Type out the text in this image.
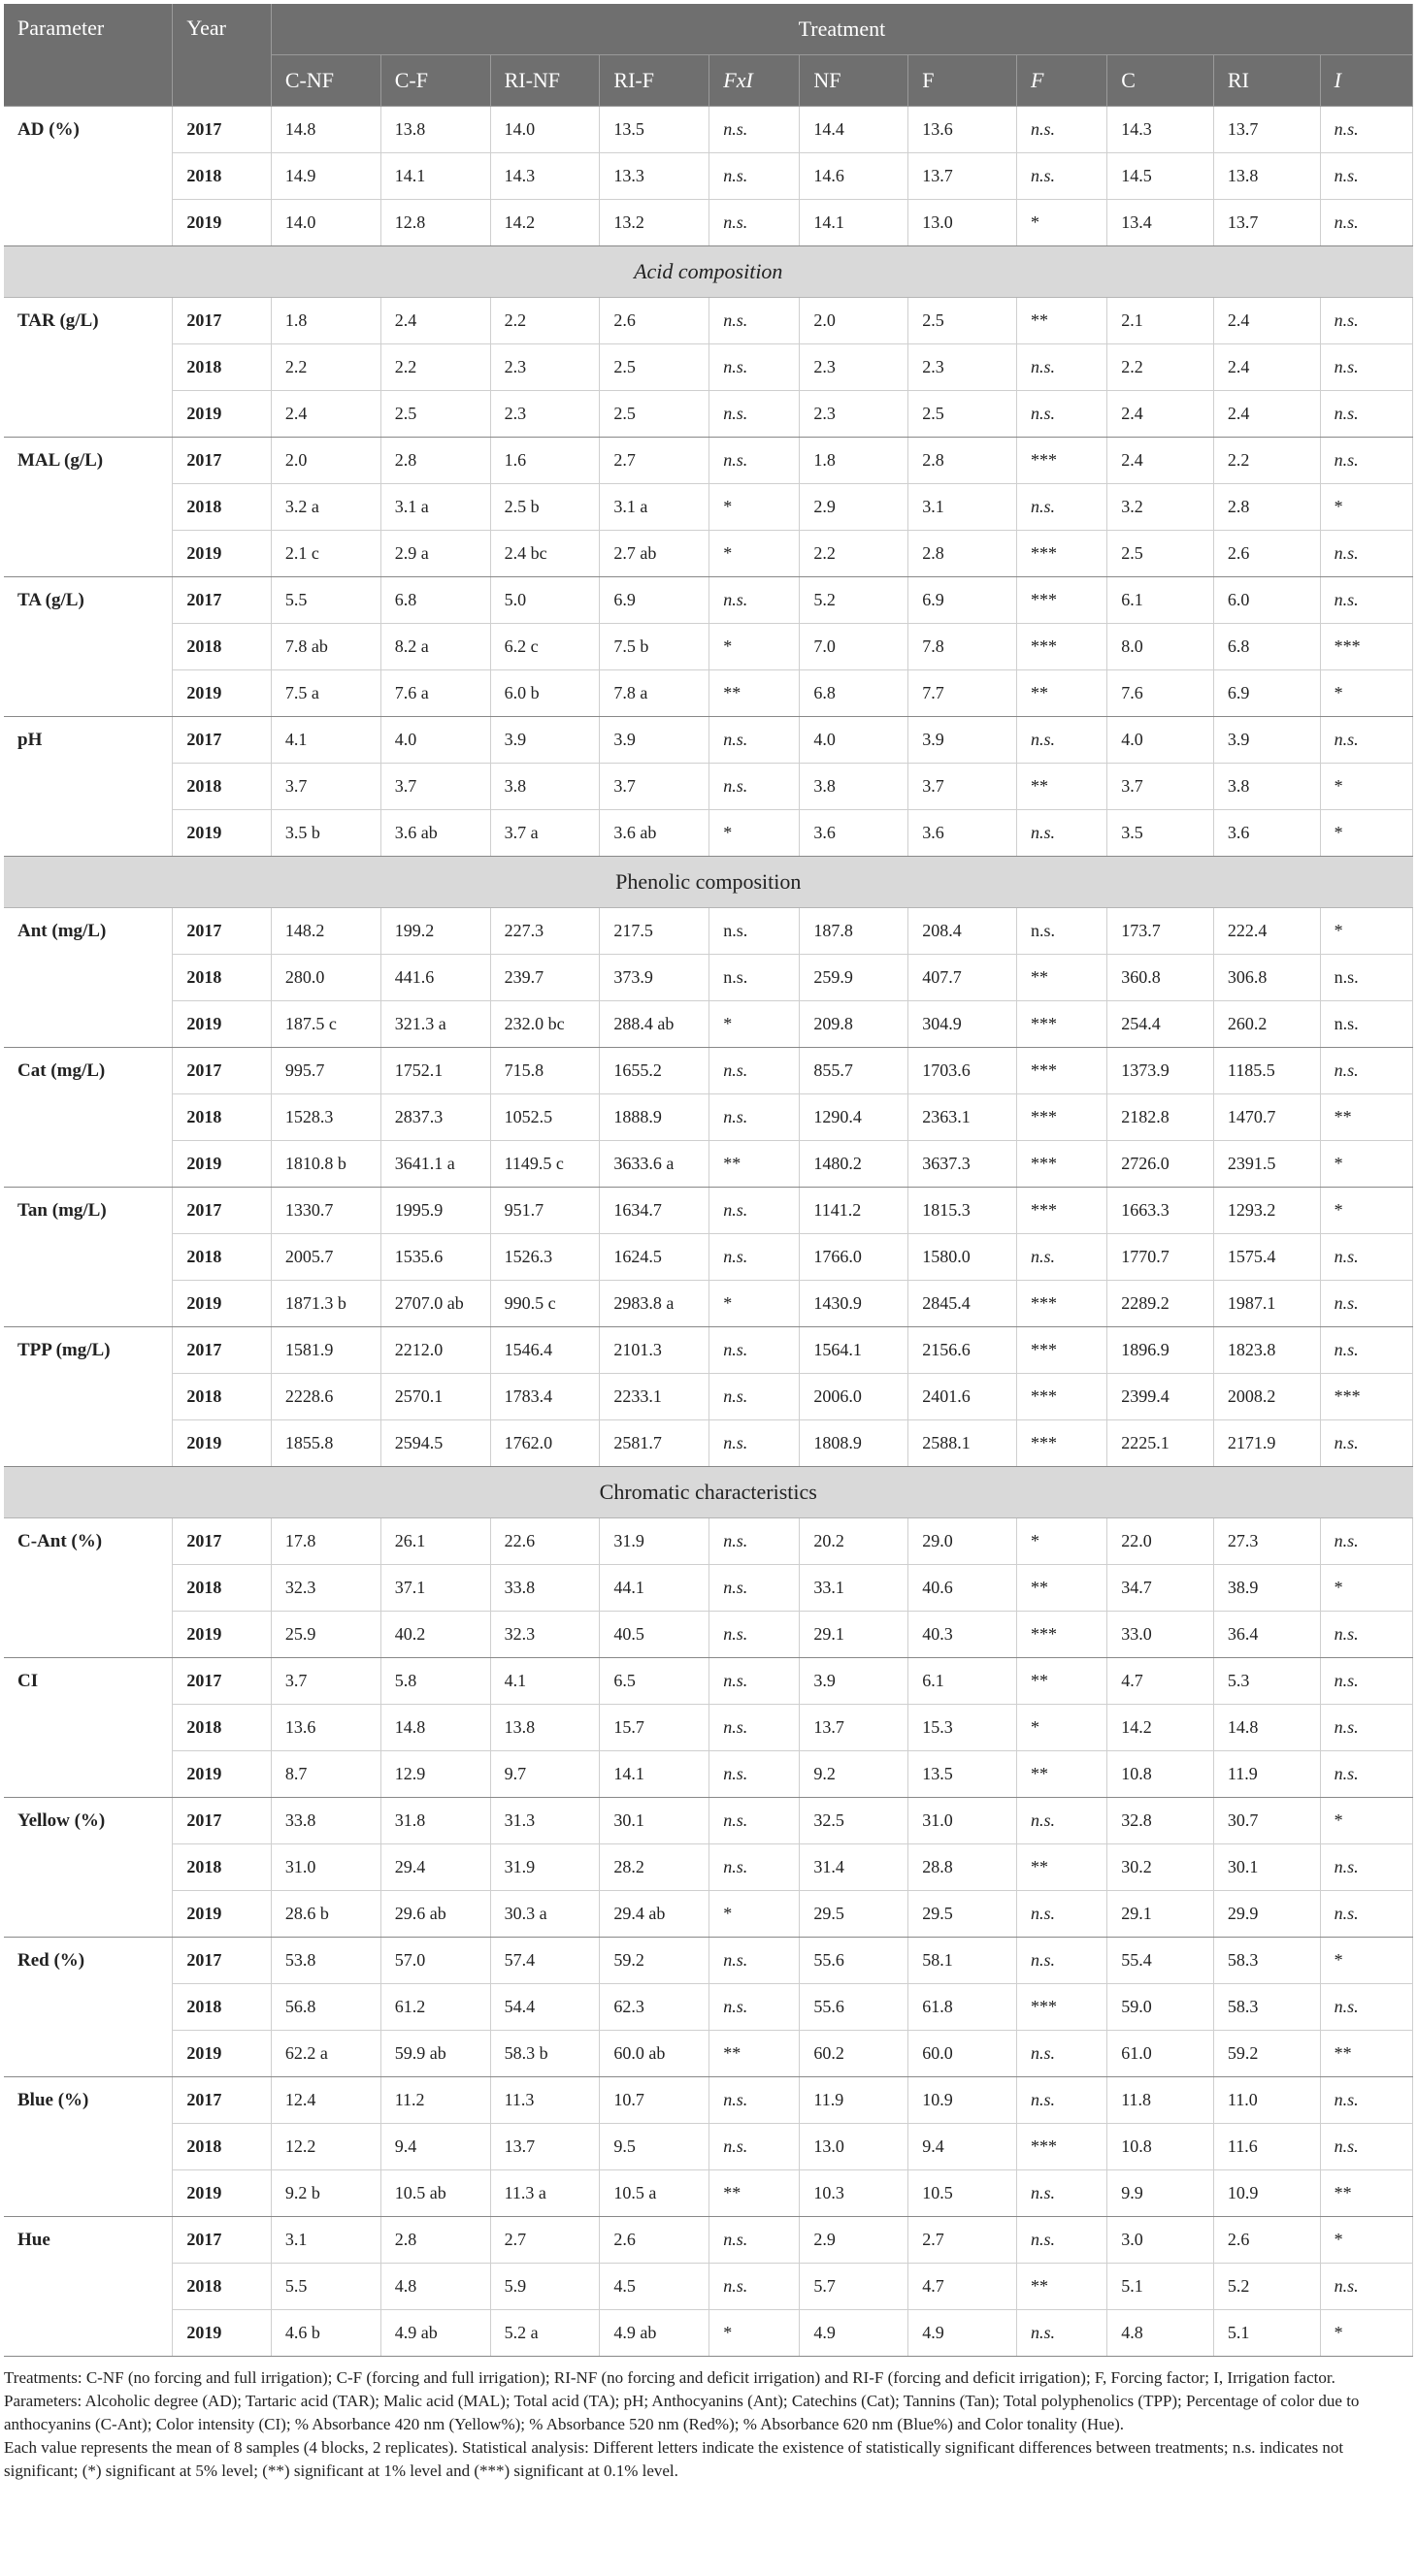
Parameter	Year	Treatment										
		C-NF	C-F	RI-NF	RI-F	FxI	NF	F	F	C	RI	I
AD (%)	2017	14.8	13.8	14.0	13.5	n.s.	14.4	13.6	n.s.	14.3	13.7	n.s.
	2018	14.9	14.1	14.3	13.3	n.s.	14.6	13.7	n.s.	14.5	13.8	n.s.
	2019	14.0	12.8	14.2	13.2	n.s.	14.1	13.0	*	13.4	13.7	n.s.
Acid composition												
TAR (g/L)	2017	1.8	2.4	2.2	2.6	n.s.	2.0	2.5	**	2.1	2.4	n.s.
	2018	2.2	2.2	2.3	2.5	n.s.	2.3	2.3	n.s.	2.2	2.4	n.s.
	2019	2.4	2.5	2.3	2.5	n.s.	2.3	2.5	n.s.	2.4	2.4	n.s.
MAL (g/L)	2017	2.0	2.8	1.6	2.7	n.s.	1.8	2.8	***	2.4	2.2	n.s.
	2018	3.2 a	3.1 a	2.5 b	3.1 a	*	2.9	3.1	n.s.	3.2	2.8	*
	2019	2.1 c	2.9 a	2.4 bc	2.7 ab	*	2.2	2.8	***	2.5	2.6	n.s.
TA (g/L)	2017	5.5	6.8	5.0	6.9	n.s.	5.2	6.9	***	6.1	6.0	n.s.
	2018	7.8 ab	8.2 a	6.2 c	7.5 b	*	7.0	7.8	***	8.0	6.8	***
	2019	7.5 a	7.6 a	6.0 b	7.8 a	**	6.8	7.7	**	7.6	6.9	*
pH	2017	4.1	4.0	3.9	3.9	n.s.	4.0	3.9	n.s.	4.0	3.9	n.s.
	2018	3.7	3.7	3.8	3.7	n.s.	3.8	3.7	**	3.7	3.8	*
	2019	3.5 b	3.6 ab	3.7 a	3.6 ab	*	3.6	3.6	n.s.	3.5	3.6	*
Phenolic composition												
Ant (mg/L)	2017	148.2	199.2	227.3	217.5	n.s.	187.8	208.4	n.s.	173.7	222.4	*
	2018	280.0	441.6	239.7	373.9	n.s.	259.9	407.7	**	360.8	306.8	n.s.
	2019	187.5 c	321.3 a	232.0 bc	288.4 ab	*	209.8	304.9	***	254.4	260.2	n.s.
Cat (mg/L)	2017	995.7	1752.1	715.8	1655.2	n.s.	855.7	1703.6	***	1373.9	1185.5	n.s.
	2018	1528.3	2837.3	1052.5	1888.9	n.s.	1290.4	2363.1	***	2182.8	1470.7	**
	2019	1810.8 b	3641.1 a	1149.5 c	3633.6 a	**	1480.2	3637.3	***	2726.0	2391.5	*
Tan (mg/L)	2017	1330.7	1995.9	951.7	1634.7	n.s.	1141.2	1815.3	***	1663.3	1293.2	*
	2018	2005.7	1535.6	1526.3	1624.5	n.s.	1766.0	1580.0	n.s.	1770.7	1575.4	n.s.
	2019	1871.3 b	2707.0 ab	990.5 c	2983.8 a	*	1430.9	2845.4	***	2289.2	1987.1	n.s.
TPP (mg/L)	2017	1581.9	2212.0	1546.4	2101.3	n.s.	1564.1	2156.6	***	1896.9	1823.8	n.s.
	2018	2228.6	2570.1	1783.4	2233.1	n.s.	2006.0	2401.6	***	2399.4	2008.2	***
	2019	1855.8	2594.5	1762.0	2581.7	n.s.	1808.9	2588.1	***	2225.1	2171.9	n.s.
Chromatic characteristics												
C-Ant (%)	2017	17.8	26.1	22.6	31.9	n.s.	20.2	29.0	*	22.0	27.3	n.s.
	2018	32.3	37.1	33.8	44.1	n.s.	33.1	40.6	**	34.7	38.9	*
	2019	25.9	40.2	32.3	40.5	n.s.	29.1	40.3	***	33.0	36.4	n.s.
CI	2017	3.7	5.8	4.1	6.5	n.s.	3.9	6.1	**	4.7	5.3	n.s.
	2018	13.6	14.8	13.8	15.7	n.s.	13.7	15.3	*	14.2	14.8	n.s.
	2019	8.7	12.9	9.7	14.1	n.s.	9.2	13.5	**	10.8	11.9	n.s.
Yellow (%)	2017	33.8	31.8	31.3	30.1	n.s.	32.5	31.0	n.s.	32.8	30.7	*
	2018	31.0	29.4	31.9	28.2	n.s.	31.4	28.8	**	30.2	30.1	n.s.
	2019	28.6 b	29.6 ab	30.3 a	29.4 ab	*	29.5	29.5	n.s.	29.1	29.9	n.s.
Red (%)	2017	53.8	57.0	57.4	59.2	n.s.	55.6	58.1	n.s.	55.4	58.3	*
	2018	56.8	61.2	54.4	62.3	n.s.	55.6	61.8	***	59.0	58.3	n.s.
	2019	62.2 a	59.9 ab	58.3 b	60.0 ab	**	60.2	60.0	n.s.	61.0	59.2	**
Blue (%)	2017	12.4	11.2	11.3	10.7	n.s.	11.9	10.9	n.s.	11.8	11.0	n.s.
	2018	12.2	9.4	13.7	9.5	n.s.	13.0	9.4	***	10.8	11.6	n.s.
	2019	9.2 b	10.5 ab	11.3 a	10.5 a	**	10.3	10.5	n.s.	9.9	10.9	**
Hue	2017	3.1	2.8	2.7	2.6	n.s.	2.9	2.7	n.s.	3.0	2.6	*
	2018	5.5	4.8	5.9	4.5	n.s.	5.7	4.7	**	5.1	5.2	n.s.
	2019	4.6 b	4.9 ab	5.2 a	4.9 ab	*	4.9	4.9	n.s.	4.8	5.1	*

Treatments: C-NF (no forcing and full irrigation); C-F (forcing and full irrigation); RI-NF (no forcing and deficit irrigation) and RI-F (forcing and deficit irrigation); F, Forcing factor; I, Irrigation factor.

Parameters: Alcoholic degree (AD); Tartaric acid (TAR); Malic acid (MAL); Total acid (TA); pH; Anthocyanins (Ant); Catechins (Cat); Tannins (Tan); Total polyphenolics (TPP); Percentage of color due to anthocyanins (C-Ant); Color intensity (CI); % Absorbance 420 nm (Yellow%); % Absorbance 520 nm (Red%); % Absorbance 620 nm (Blue%) and Color tonality (Hue).

Each value represents the mean of 8 samples (4 blocks, 2 replicates). Statistical analysis: Different letters indicate the existence of statistically significant differences between treatments; n.s. indicates not significant; (*) significant at 5% level; (**) significant at 1% level and (***) significant at 0.1% level.
